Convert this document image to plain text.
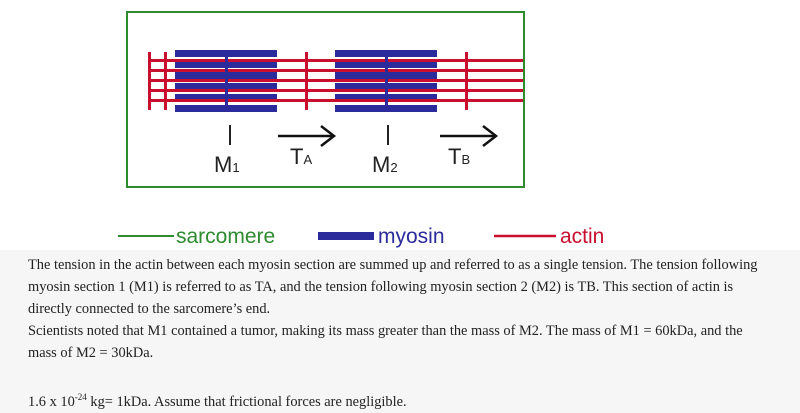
M1 TA	M2 TB
sarcomere	myosin	actin

The tension in the actin between each myosin section are summed up and referred to as a single tension. The tension following myosin section 1 (M1) is referred to as TA, and the tension following myosin section 2 (M2) is TB. This section of actin is directly connected to the sarcomere’s end.

Scientists noted that M1 contained a tumor, making its mass greater than the mass of M2. The mass of M1 = 60kDa, and the mass of M2 = 30kDa.

1.6 x $10^{-24}$ kg= 1kDa. Assume that frictional forces are negligible.
